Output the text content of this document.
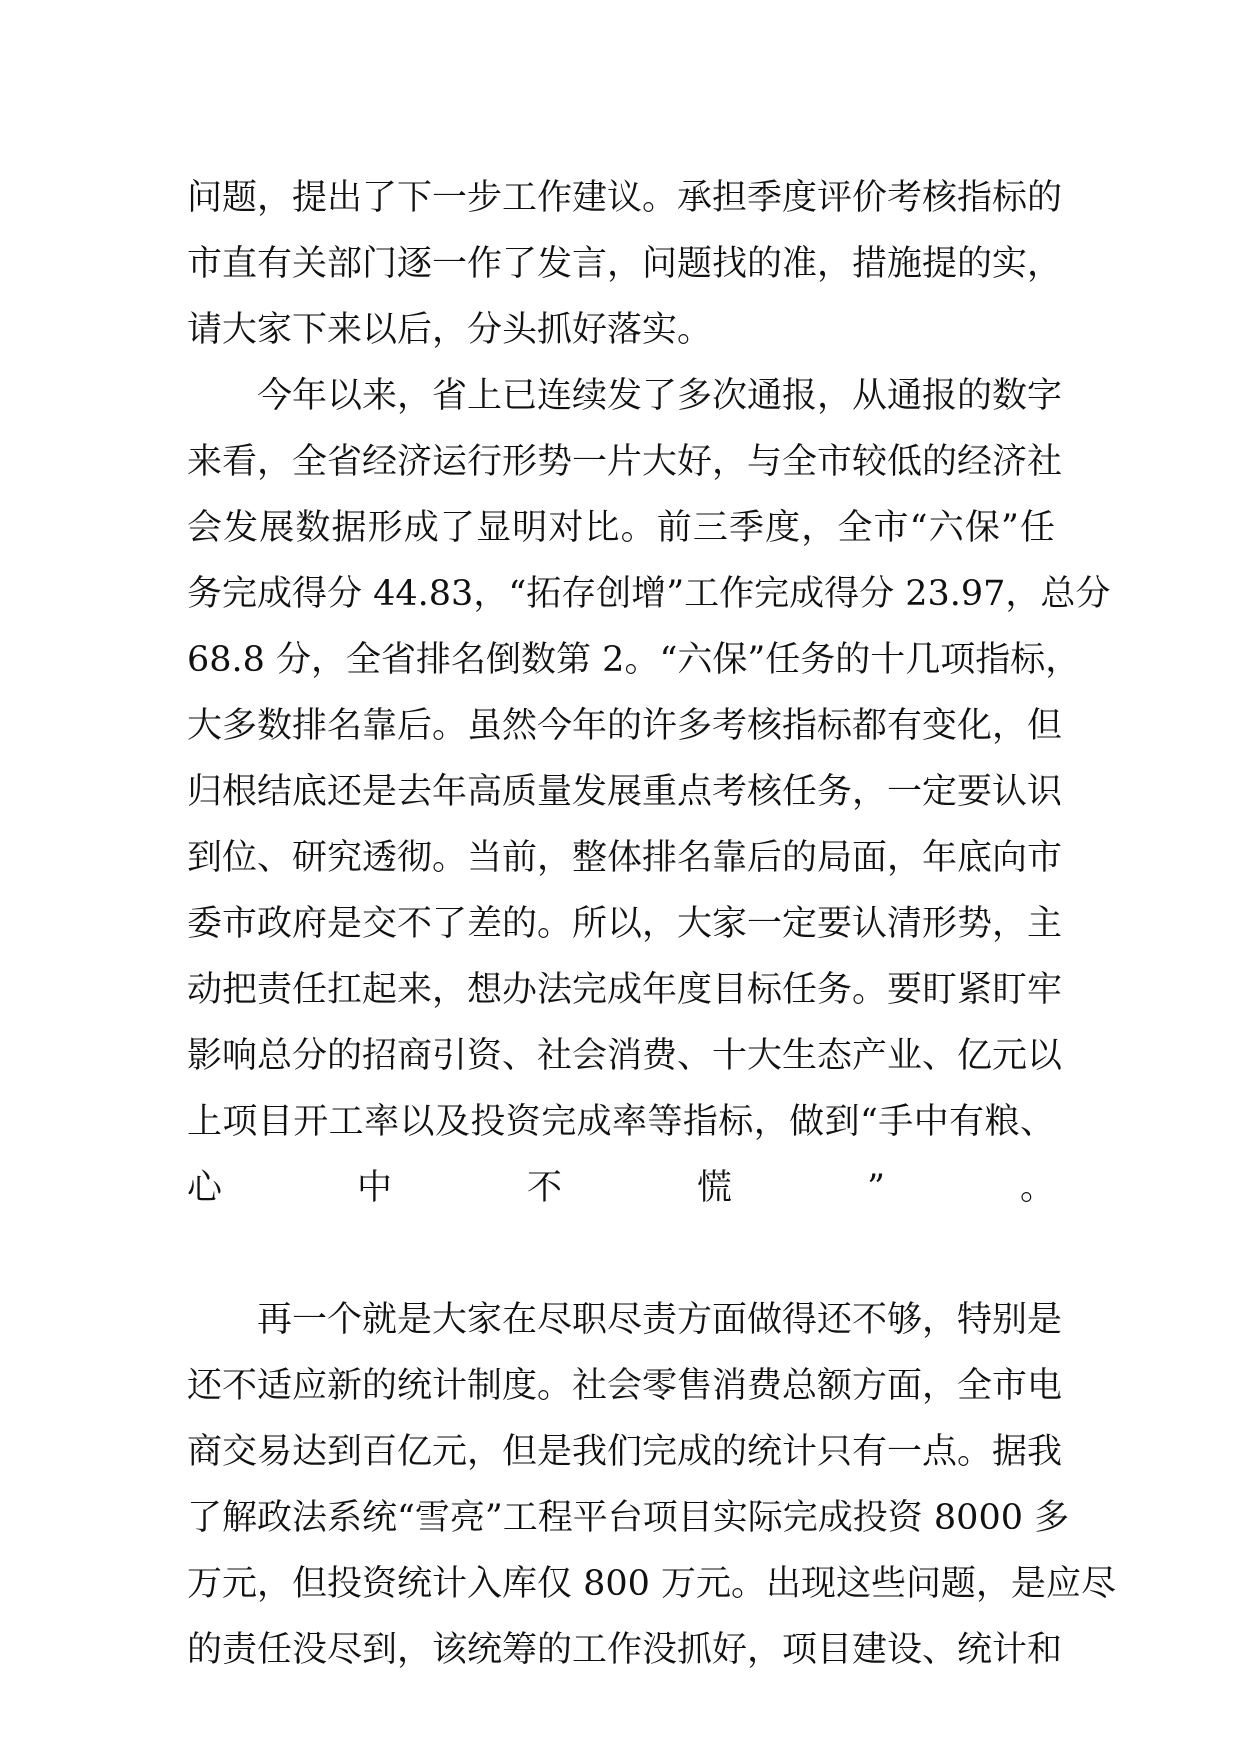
问题，提出了下一步工作建议。承担季度评价考核指标的
市直有关部门逐一作了发言，问题找的准，措施提的实，
请大家下来以后，分头抓好落实。
今年以来，省上已连续发了多次通报，从通报的数字
来看，全省经济运行形势一片大好，与全市较低的经济社
会发展数据形成了显明对比。前三季度，全市“六保”任
务完成得分 44.83，“拓存创增”工作完成得分 23.97，总分
68.8 分，全省排名倒数第 2。“六保”任务的十几项指标，
大多数排名靠后。虽然今年的许多考核指标都有变化，但
归根结底还是去年高质量发展重点考核任务，一定要认识
到位、研究透彻。当前，整体排名靠后的局面，年底向市
委市政府是交不了差的。所以，大家一定要认清形势，主
动把责任扛起来，想办法完成年度目标任务。要盯紧盯牢
影响总分的招商引资、社会消费、十大生态产业、亿元以
上项目开工率以及投资完成率等指标，做到“手中有粮、
心中不慌”。
再一个就是大家在尽职尽责方面做得还不够，特别是
还不适应新的统计制度。社会零售消费总额方面，全市电
商交易达到百亿元，但是我们完成的统计只有一点。据我
了解政法系统“雪亮”工程平台项目实际完成投资 8000 多
万元，但投资统计入库仅 800 万元。出现这些问题，是应尽
的责任没尽到，该统筹的工作没抓好，项目建设、统计和
